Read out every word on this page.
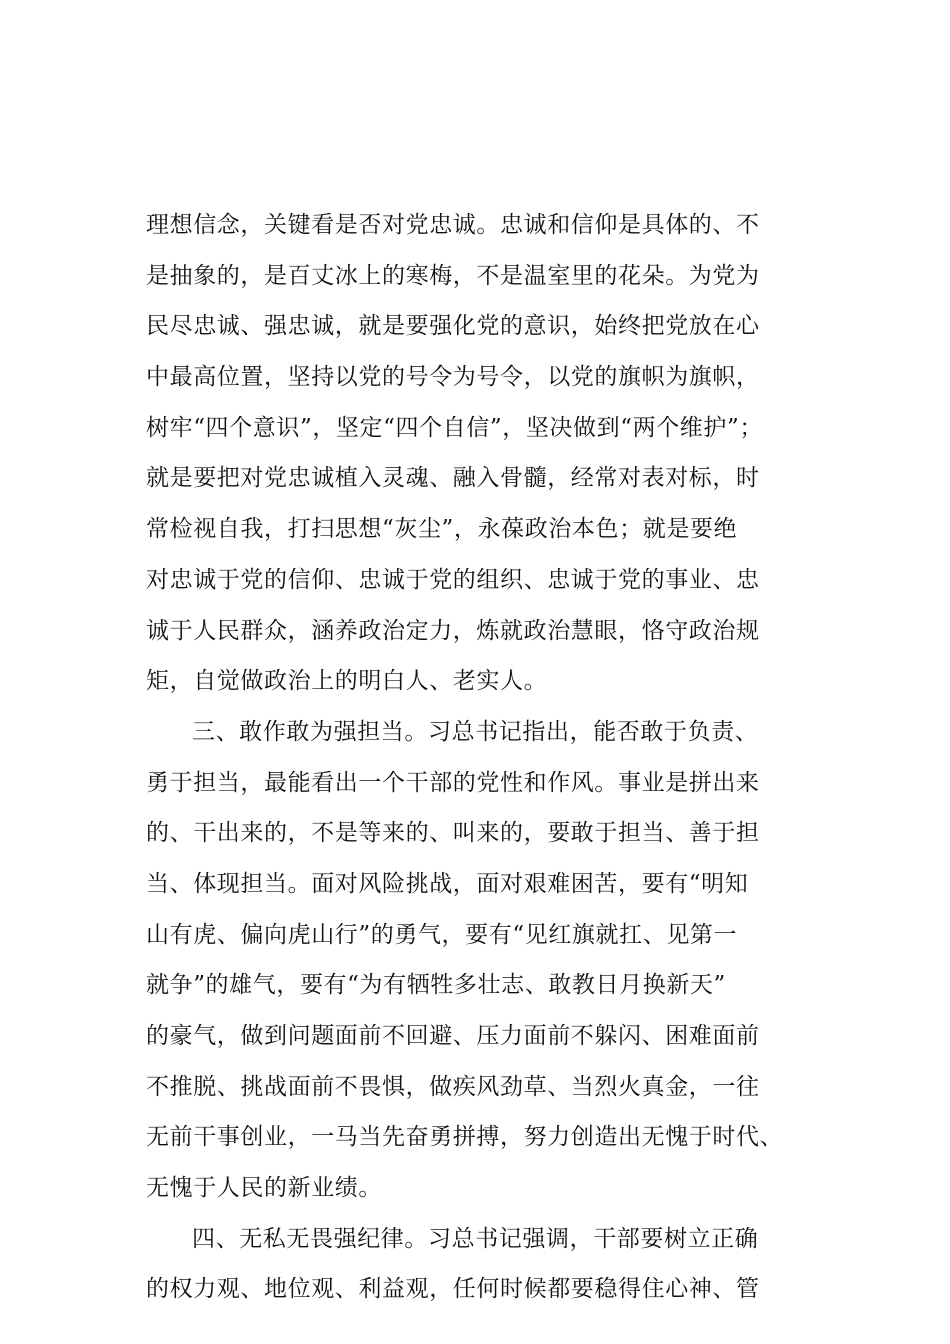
理想信念，关键看是否对党忠诚。忠诚和信仰是具体的、不
是抽象的，是百丈冰上的寒梅，不是温室里的花朵。为党为
民尽忠诚、强忠诚，就是要强化党的意识，始终把党放在心
中最高位置，坚持以党的号令为号令，以党的旗帜为旗帜，
树牢“四个意识”，坚定“四个自信”，坚决做到“两个维护”；
就是要把对党忠诚植入灵魂、融入骨髓，经常对表对标，时
常检视自我，打扫思想“灰尘”，永葆政治本色；就是要绝
对忠诚于党的信仰、忠诚于党的组织、忠诚于党的事业、忠
诚于人民群众，涵养政治定力，炼就政治慧眼，恪守政治规
矩，自觉做政治上的明白人、老实人。
三、敢作敢为强担当。习总书记指出，能否敢于负责、
勇于担当，最能看出一个干部的党性和作风。事业是拼出来
的、干出来的，不是等来的、叫来的，要敢于担当、善于担
当、体现担当。面对风险挑战，面对艰难困苦，要有“明知
山有虎、偏向虎山行”的勇气，要有“见红旗就扛、见第一
就争”的雄气，要有“为有牺牲多壮志、敢教日月换新天”
的豪气，做到问题面前不回避、压力面前不躲闪、困难面前
不推脱、挑战面前不畏惧，做疾风劲草、当烈火真金，一往
无前干事创业，一马当先奋勇拼搏，努力创造出无愧于时代、
无愧于人民的新业绩。
四、无私无畏强纪律。习总书记强调，干部要树立正确
的权力观、地位观、利益观，任何时候都要稳得住心神、管
